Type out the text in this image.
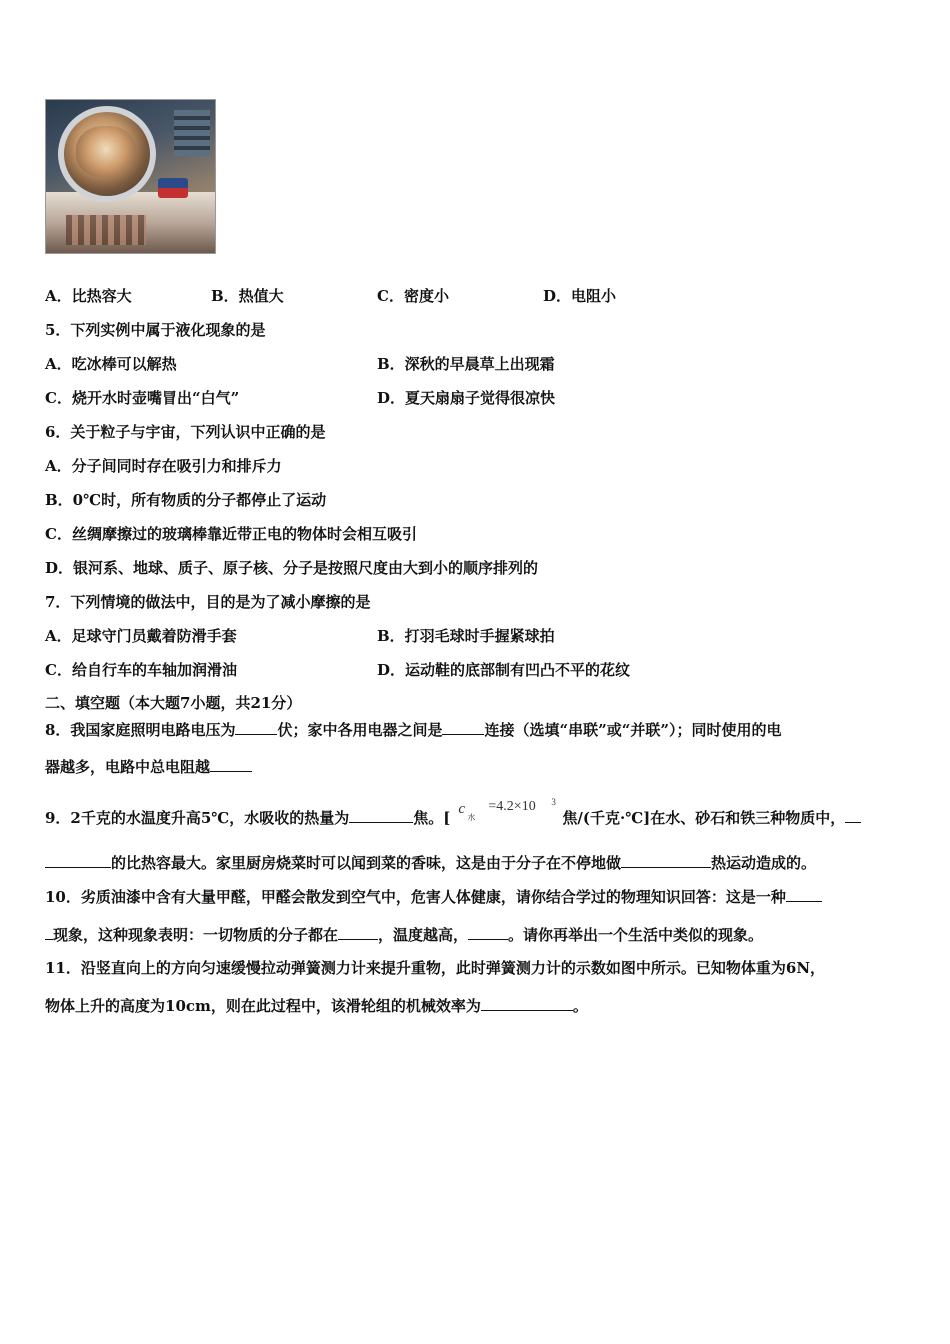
A．比热容大	B．热值大	C．密度小	D．电阻小
5．下列实例中属于液化现象的是
A．吃冰棒可以解热	B．深秋的早晨草上出现霜
C．烧开水时壶嘴冒出“白气”	D．夏天扇扇子觉得很凉快
6．关于粒子与宇宙，下列认识中正确的是
A．分子间同时存在吸引力和排斥力
B．0℃时，所有物质的分子都停止了运动
C．丝绸摩擦过的玻璃棒靠近带正电的物体时会相互吸引
D．银河系、地球、质子、原子核、分子是按照尺度由大到小的顺序排列的
7．下列情境的做法中，目的是为了减小摩擦的是
A．足球守门员戴着防滑手套	B．打羽毛球时手握紧球拍
C．给自行车的车轴加润滑油	D．运动鞋的底部制有凹凸不平的花纹
二、填空题（本大题7小题，共21分）
8．我国家庭照明电路电压为	伏；家中各用电器之间是	连接（选填“串联”或“并联”）；同时使用的电
器越多，电路中总电阻越
9．2千克的水温度升高5℃，水吸收的热量为	焦。[ c
水
=4.2×10 3
焦/(千克·℃]在水、砂石和铁三种物质中，
的比热容最大。家里厨房烧菜时可以闻到菜的香味，这是由于分子在不停地做	热运动造成的。
10．劣质油漆中含有大量甲醛，甲醛会散发到空气中，危害人体健康，请你结合学过的物理知识回答：这是一种
现象，这种现象表明：一切物质的分子都在	，温度越高，	。请你再举出一个生活中类似的现象。
11．沿竖直向上的方向匀速缓慢拉动弹簧测力计来提升重物，此时弹簧测力计的示数如图中所示。已知物体重为6N，
物体上升的高度为10cm，则在此过程中，该滑轮组的机械效率为	。
